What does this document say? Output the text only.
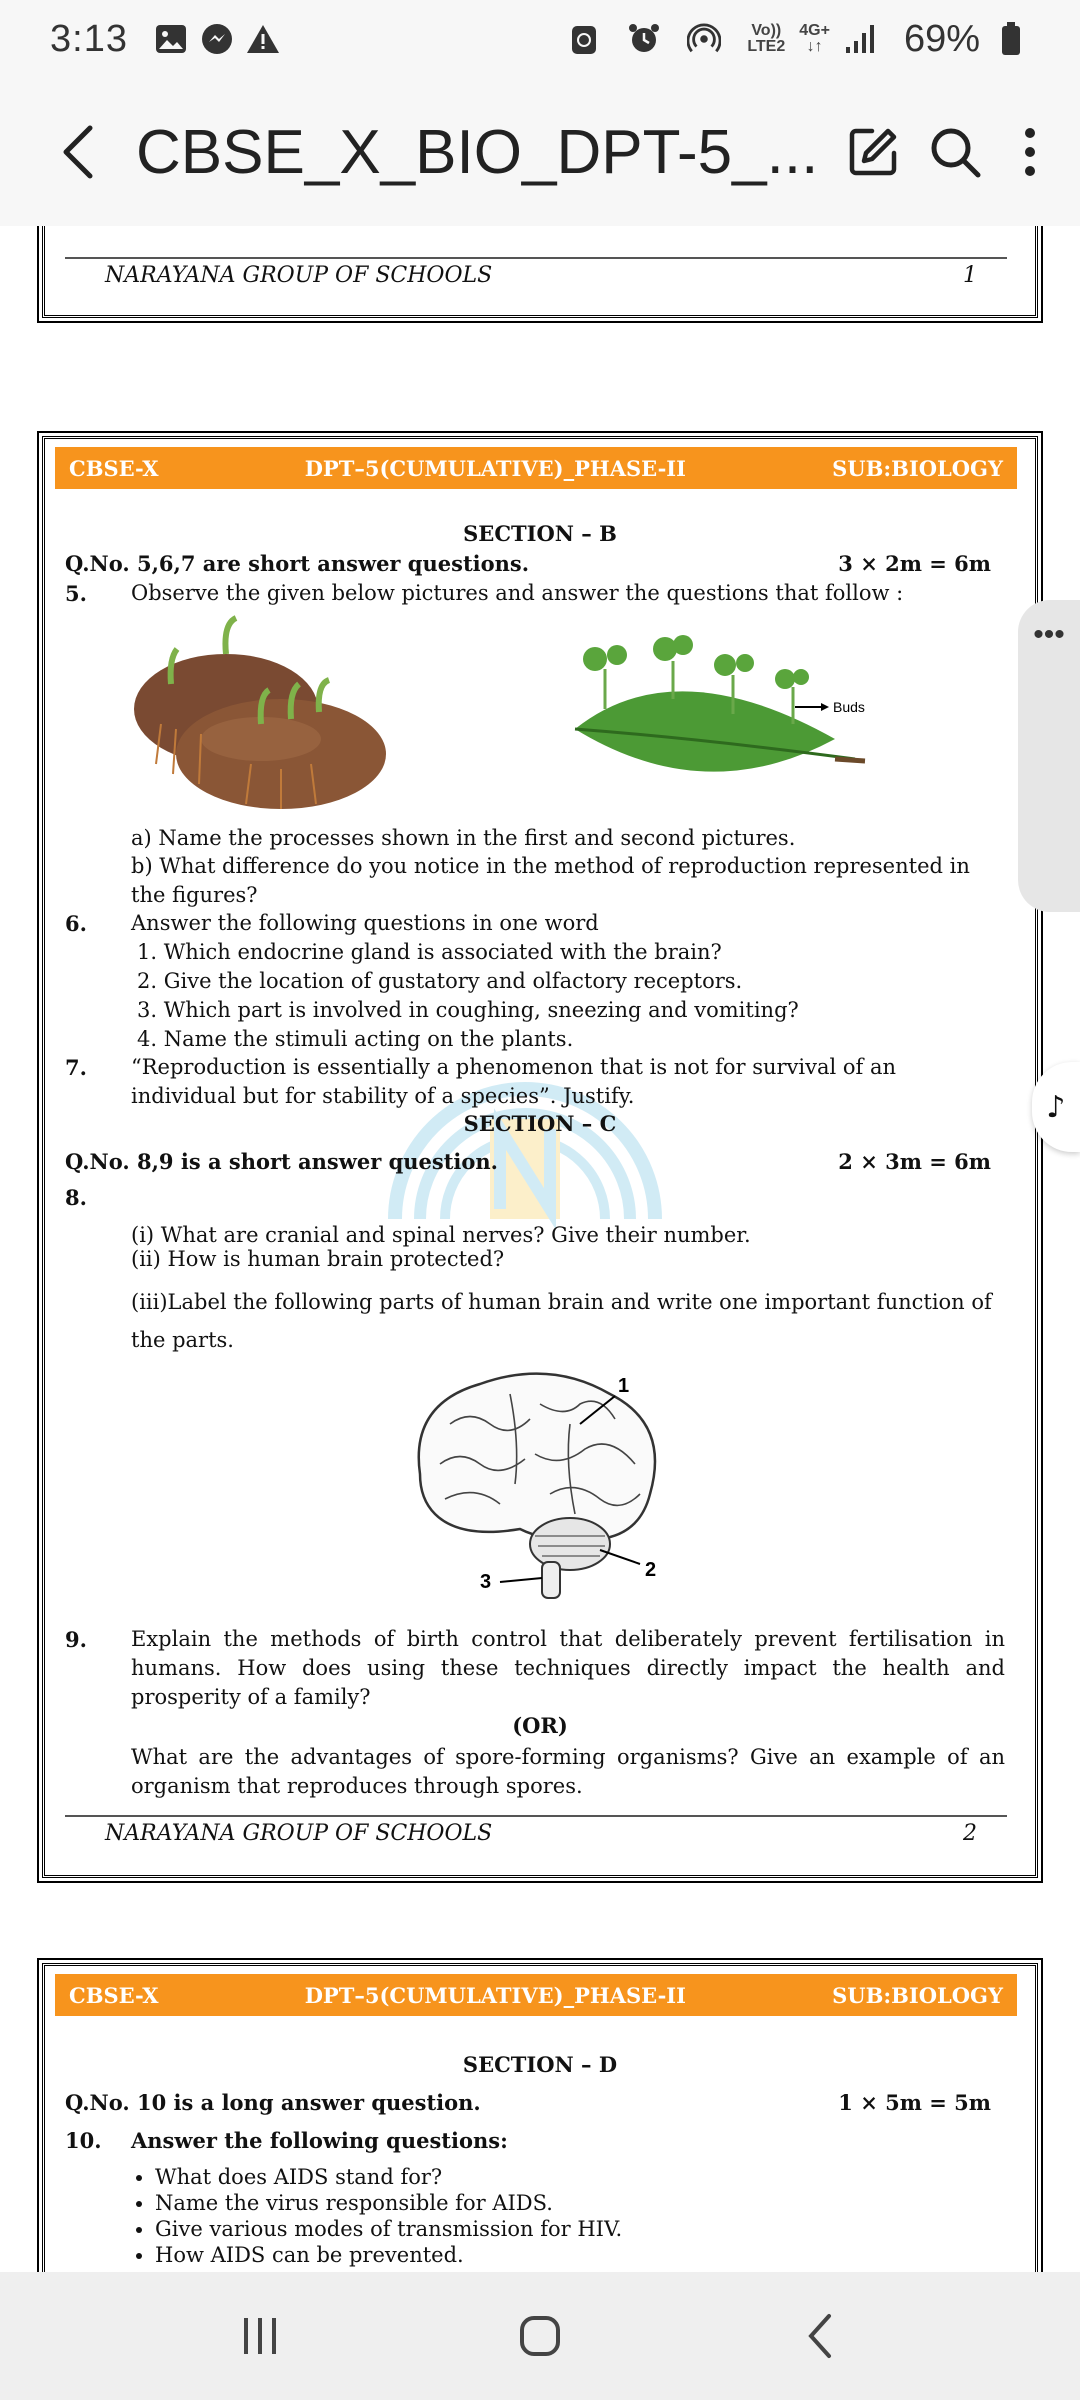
3:13	Vo))
LTE2
4G+
↓↑ 69%
CBSE_X_BIO_DPT-5_...
NARAYANA GROUP OF SCHOOLS	1
CBSE-X	DPT–5(CUMULATIVE)_PHASE-II	SUB:BIOLOGY
SECTION – B
Q.No. 5,6,7 are short answer questions.	3 × 2m = 6m
5. Observe the given below pictures and answer the questions that follow :
Buds
a) Name the processes shown in the first and second pictures.
b) What difference do you notice in the method of reproduction represented in the figures?
6. Answer the following questions in one word
1. Which endocrine gland is associated with the brain?
2. Give the location of gustatory and olfactory receptors.
3. Which part is involved in coughing, sneezing and vomiting?
4. Name the stimuli acting on the plants.
7. “Reproduction is essentially a phenomenon that is not for survival of an individual but for stability of a species”. Justify.
SECTION – C
Q.No. 8,9 is a short answer question.	2 × 3m = 6m
8.
(i) What are cranial and spinal nerves? Give their number.
(ii) How is human brain protected?
(iii)Label the following parts of human brain and write one important function of the parts.
1
2
3
9. Explain the methods of birth control that deliberately prevent fertilisation in humans. How does using these techniques directly impact the health and prosperity of a family?
(OR)
What are the advantages of spore-forming organisms? Give an example of an organism that reproduces through spores.
NARAYANA GROUP OF SCHOOLS	2
CBSE-X	DPT–5(CUMULATIVE)_PHASE-II	SUB:BIOLOGY
SECTION – D
Q.No. 10 is a long answer question.	1 × 5m = 5m
10. Answer the following questions:
• What does AIDS stand for?
• Name the virus responsible for AIDS.
• Give various modes of transmission for HIV.
• How AIDS can be prevented.
•••
♪
